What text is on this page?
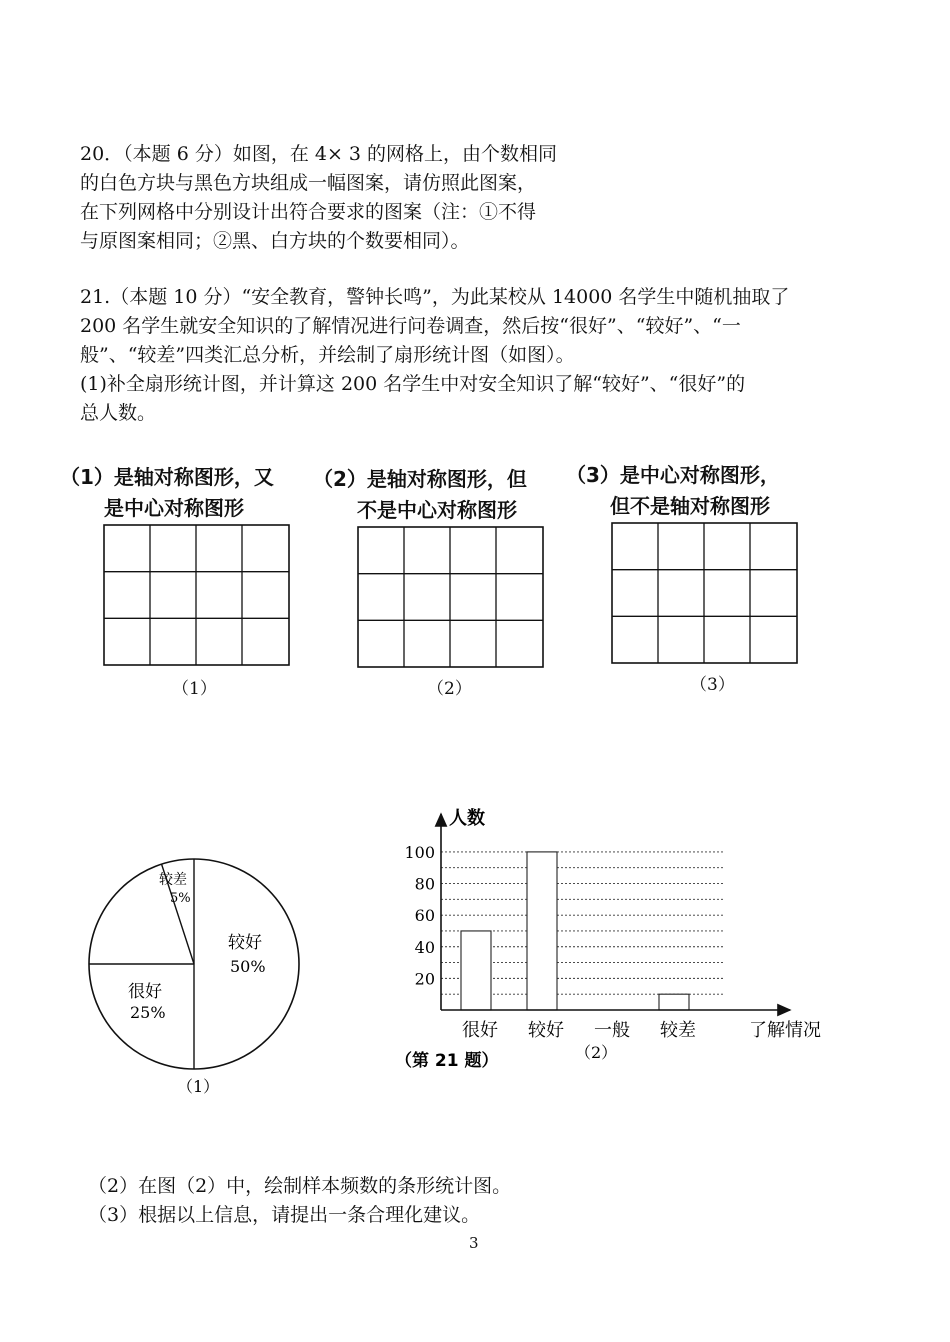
20．（本题 6 分）如图，在 4× 3 的网格上，由个数相同
的白色方块与黑色方块组成一幅图案，请仿照此图案，
在下列网格中分别设计出符合要求的图案（注：①不得
与原图案相同；②黑、白方块的个数要相同）。
21.（本题 10 分）“安全教育，警钟长鸣”，为此某校从 14000 名学生中随机抽取了
200 名学生就安全知识的了解情况进行问卷调查，然后按“很好”、“较好”、“一
般”、“较差”四类汇总分析，并绘制了扇形统计图（如图）。
(1)补全扇形统计图，并计算这 200 名学生中对安全知识了解“较好”、“很好”的
总人数。
（1）是轴对称图形，又
是中心对称图形
（1）
（2）是轴对称图形，但
不是中心对称图形
（2）
（3）是中心对称图形，
但不是轴对称图形
（3）
较好
50%
很好
25%
较差
5%
（1）
人数
20
40
60
80
100
很好 较好 一般 较差	了解情况
（第 21 题）	（2）
（2）在图（2）中，绘制样本频数的条形统计图。
（3）根据以上信息，请提出一条合理化建议。
3
